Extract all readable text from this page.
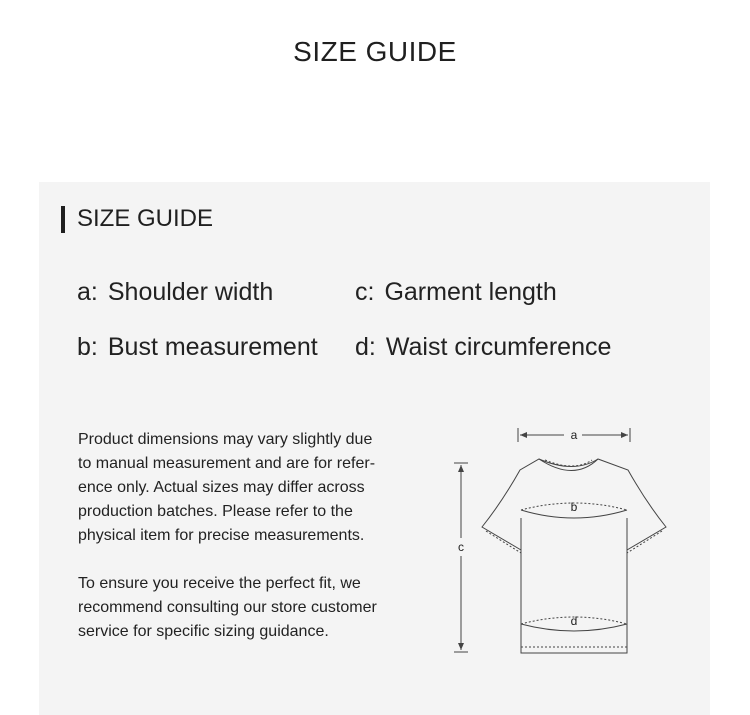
SIZE GUIDE
SIZE GUIDE
a: Shoulder width	c: Garment length
b: Bust measurement d: Waist circumference
Product dimensions may vary slightly due
to manual measurement and are for refer-
ence only. Actual sizes may differ across
production batches. Please refer to the
physical item for precise measurements.
To ensure you receive the perfect fit, we
recommend consulting our store customer
service for specific sizing guidance.
a
c
b
d
